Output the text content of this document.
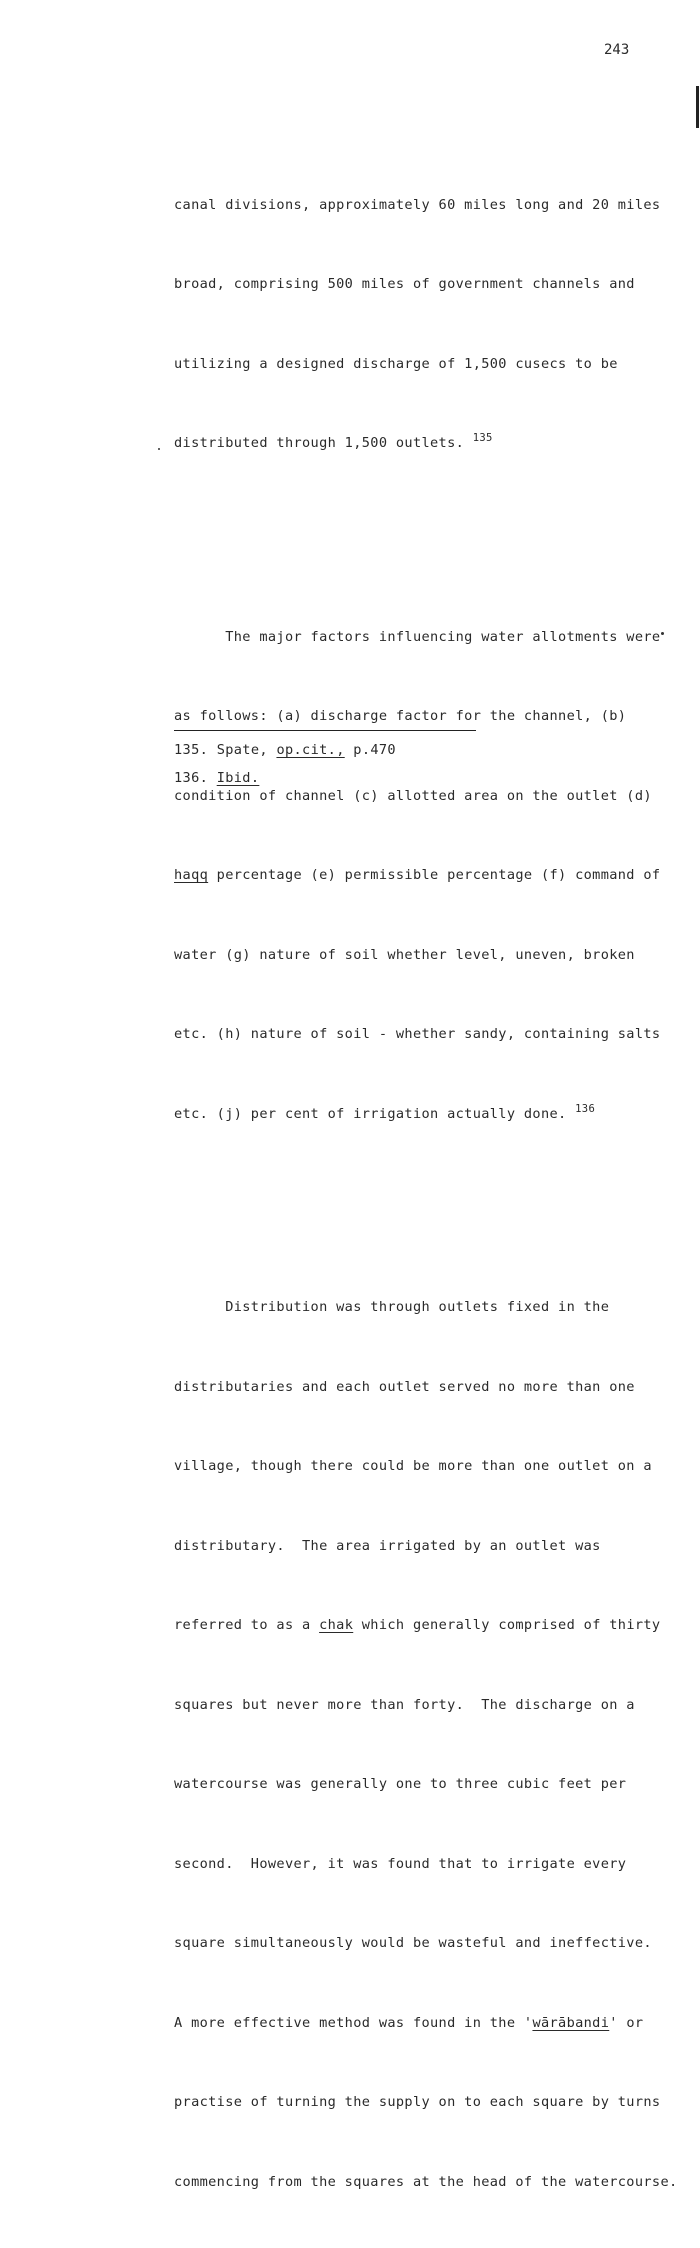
243

canal divisions, approximately 60 miles long and 20 miles

broad, comprising 500 miles of government channels and

utilizing a designed discharge of 1,500 cusecs to be

distributed through 1,500 outlets. $^{135}$

The major factors influencing water allotments were

as follows: (a) discharge factor for the channel, (b)

condition of channel (c) allotted area on the outlet (d)

haqq percentage (e) permissible percentage (f) command of

water (g) nature of soil whether level, uneven, broken

etc. (h) nature of soil - whether sandy, containing salts

etc. (j) per cent of irrigation actually done. $^{136}$

Distribution was through outlets fixed in the

distributaries and each outlet served no more than one

village, though there could be more than one outlet on a

distributary.  The area irrigated by an outlet was

referred to as a chak which generally comprised of thirty

squares but never more than forty.  The discharge on a

watercourse was generally one to three cubic feet per

second.  However, it was found that to irrigate every

square simultaneously would be wasteful and ineffective.

A more effective method was found in the 'wārābandi' or

practise of turning the supply on to each square by turns

commencing from the squares at the head of the watercourse.

135. Spate, op.cit., p.470
136. Ibid.
